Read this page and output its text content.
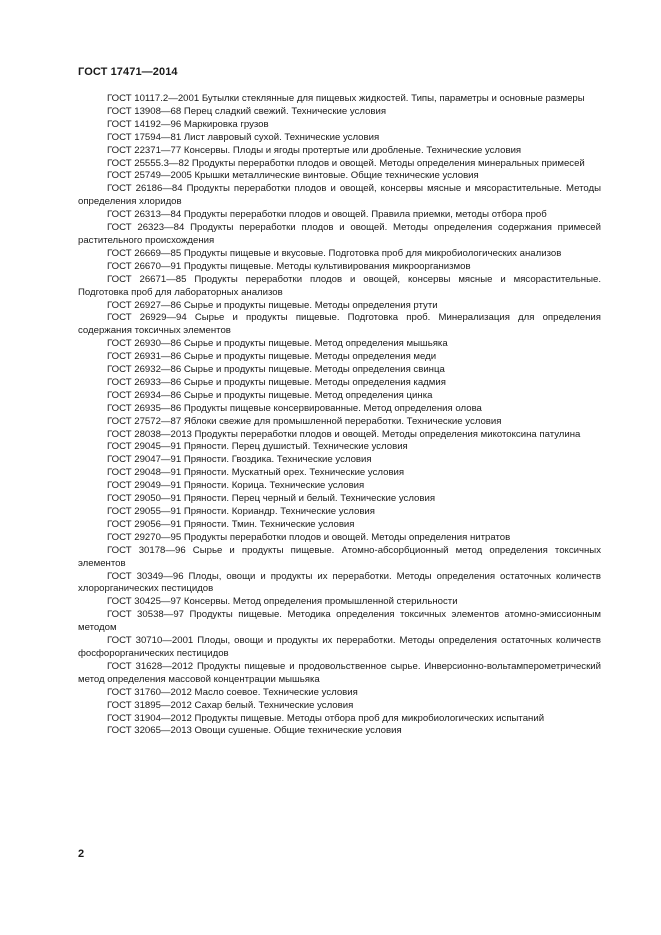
ГОСТ 17471—2014

ГОСТ 10117.2—2001 Бутылки стеклянные для пищевых жидкостей. Типы, параметры и основные размеры

ГОСТ 13908—68 Перец сладкий свежий. Технические условия

ГОСТ 14192—96 Маркировка грузов

ГОСТ 17594—81 Лист лавровый сухой. Технические условия

ГОСТ 22371—77 Консервы. Плоды и ягоды протертые или дробленые. Технические условия

ГОСТ 25555.3—82 Продукты переработки плодов и овощей. Методы определения минеральных примесей

ГОСТ 25749—2005 Крышки металлические винтовые. Общие технические условия

ГОСТ 26186—84 Продукты переработки плодов и овощей, консервы мясные и мясорастительные. Методы определения хлоридов

ГОСТ 26313—84 Продукты переработки плодов и овощей. Правила приемки, методы отбора проб

ГОСТ 26323—84 Продукты переработки плодов и овощей. Методы определения содержания примесей растительного происхождения

ГОСТ 26669—85 Продукты пищевые и вкусовые. Подготовка проб для микробиологических анализов

ГОСТ 26670—91 Продукты пищевые. Методы культивирования микроорганизмов

ГОСТ 26671—85 Продукты переработки плодов и овощей, консервы мясные и мясорастительные. Подготовка проб для лабораторных анализов

ГОСТ 26927—86 Сырье и продукты пищевые. Методы определения ртути

ГОСТ 26929—94 Сырье и продукты пищевые. Подготовка проб. Минерализация для определения содержания токсичных элементов

ГОСТ 26930—86 Сырье и продукты пищевые. Метод определения мышьяка

ГОСТ 26931—86 Сырье и продукты пищевые. Методы определения меди

ГОСТ 26932—86 Сырье и продукты пищевые. Методы определения свинца

ГОСТ 26933—86 Сырье и продукты пищевые. Методы определения кадмия

ГОСТ 26934—86 Сырье и продукты пищевые. Метод определения цинка

ГОСТ 26935—86 Продукты пищевые консервированные. Метод определения олова

ГОСТ 27572—87 Яблоки свежие для промышленной переработки. Технические условия

ГОСТ 28038—2013 Продукты переработки плодов и овощей. Методы определения микотоксина патулина

ГОСТ 29045—91 Пряности. Перец душистый. Технические условия

ГОСТ 29047—91 Пряности. Гвоздика. Технические условия

ГОСТ 29048—91 Пряности. Мускатный орех. Технические условия

ГОСТ 29049—91 Пряности. Корица. Технические условия

ГОСТ 29050—91 Пряности. Перец черный и белый. Технические условия

ГОСТ 29055—91 Пряности. Кориандр. Технические условия

ГОСТ 29056—91 Пряности. Тмин. Технические условия

ГОСТ 29270—95 Продукты переработки плодов и овощей. Методы определения нитратов

ГОСТ 30178—96 Сырье и продукты пищевые. Атомно-абсорбционный метод определения токсичных элементов

ГОСТ 30349—96 Плоды, овощи и продукты их переработки. Методы определения остаточных количеств хлорорганических пестицидов

ГОСТ 30425—97 Консервы. Метод определения промышленной стерильности

ГОСТ 30538—97 Продукты пищевые. Методика определения токсичных элементов атомно-эмиссионным методом

ГОСТ 30710—2001 Плоды, овощи и продукты их переработки. Методы определения остаточных количеств фосфорорганических пестицидов

ГОСТ 31628—2012 Продукты пищевые и продовольственное сырье. Инверсионно-вольтамперометрический метод определения массовой концентрации мышьяка

ГОСТ 31760—2012 Масло соевое. Технические условия

ГОСТ 31895—2012 Сахар белый. Технические условия

ГОСТ 31904—2012 Продукты пищевые. Методы отбора проб для микробиологических испытаний

ГОСТ 32065—2013 Овощи сушеные. Общие технические условия

2
